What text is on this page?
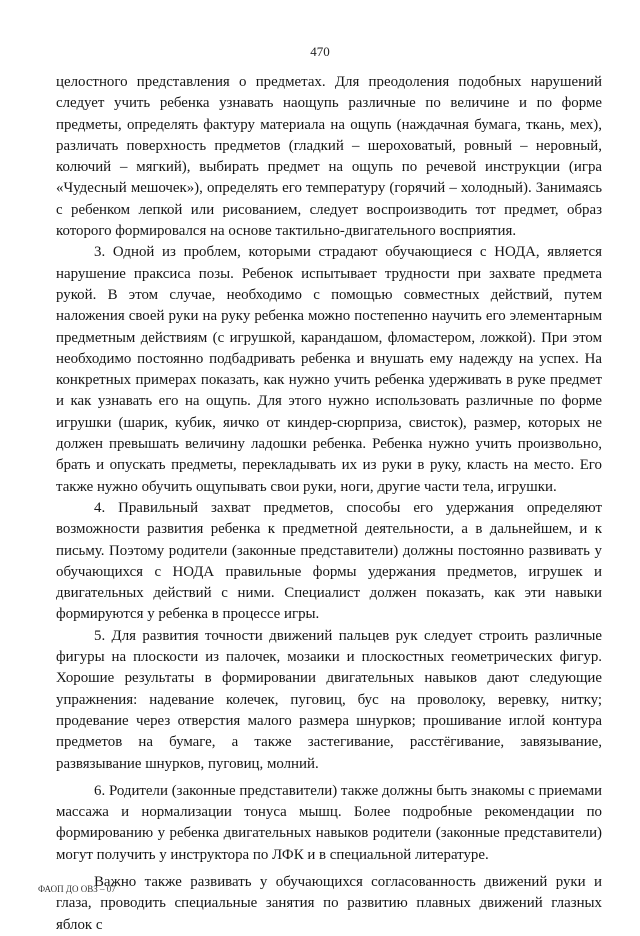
470

целостного представления о предметах. Для преодоления подобных нарушений следует учить ребенка узнавать наощупь различные по величине и по форме предметы, определять фактуру материала на ощупь (наждачная бумага, ткань, мех), различать поверхность предметов (гладкий – шероховатый, ровный – неровный, колючий – мягкий), выбирать предмет на ощупь по речевой инструкции (игра «Чудесный мешочек»), определять его температуру (горячий – холодный). Занимаясь с ребенком лепкой или рисованием, следует воспроизводить тот предмет, образ которого формировался на основе тактильно-двигательного восприятия.

3. Одной из проблем, которыми страдают обучающиеся с НОДА, является нарушение праксиса позы. Ребенок испытывает трудности при захвате предмета рукой. В этом случае, необходимо с помощью совместных действий, путем наложения своей руки на руку ребенка можно постепенно научить его элементарным предметным действиям (с игрушкой, карандашом, фломастером, ложкой). При этом необходимо постоянно подбадривать ребенка и внушать ему надежду на успех. На конкретных примерах показать, как нужно учить ребенка удерживать в руке предмет и как узнавать его на ощупь. Для этого нужно использовать различные по форме игрушки (шарик, кубик, яичко от киндер-сюрприза, свисток), размер, которых не должен превышать величину ладошки ребенка. Ребенка нужно учить произвольно, брать и опускать предметы, перекладывать их из руки в руку, класть на место. Его также нужно обучить ощупывать свои руки, ноги, другие части тела, игрушки.

4. Правильный захват предметов, способы его удержания определяют возможности развития ребенка к предметной деятельности, а в дальнейшем, и к письму. Поэтому родители (законные представители) должны постоянно развивать у обучающихся с НОДА правильные формы удержания предметов, игрушек и двигательных действий с ними. Специалист должен показать, как эти навыки формируются у ребенка в процессе игры.

5. Для развития точности движений пальцев рук следует строить различные фигуры на плоскости из палочек, мозаики и плоскостных геометрических фигур. Хорошие результаты в формировании двигательных навыков дают следующие упражнения: надевание колечек, пуговиц, бус на проволоку, веревку, нитку; продевание через отверстия малого размера шнурков; прошивание иглой контура предметов на бумаге, а также застегивание, расстёгивание, завязывание, развязывание шнурков, пуговиц, молний.

6. Родители (законные представители) также должны быть знакомы с приемами массажа и нормализации тонуса мышц. Более подробные рекомендации по формированию у ребенка двигательных навыков родители (законные представители) могут получить у инструктора по ЛФК и в специальной литературе.

Важно также развивать у обучающихся согласованность движений руки и глаза, проводить специальные занятия по развитию плавных движений глазных яблок с

ФАОП ДО ОВЗ – 07
